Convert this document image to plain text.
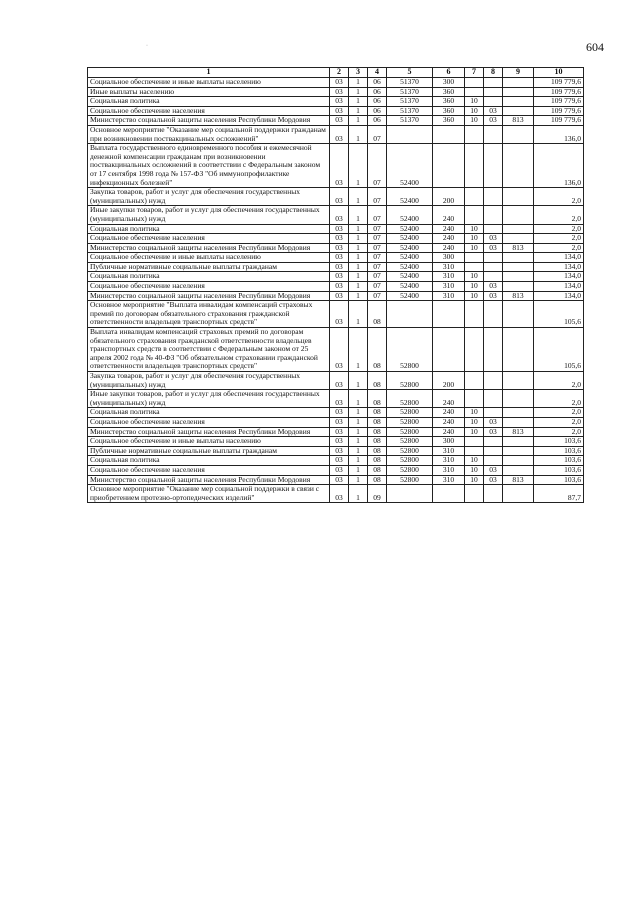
604
·
1	2	3	4	5	6	7	8	9	10
Социальное обеспечение и иные выплаты населению	03	1	06	51370	300				109 779,6
Иные выплаты населению	03	1	06	51370	360				109 779,6
Социальная политика	03	1	06	51370	360	10			109 779,6
Социальное обеспечение населения	03	1	06	51370	360	10	03		109 779,6
Министерство социальной защиты населения Республики Мордовия	03	1	06	51370	360	10	03	813	109 779,6
Основное мероприятие "Оказание мер социальной поддержки гражданам при возникновении поствакцинальных осложнений"	03	1	07						136,0
Выплата государственного единовременного пособия и ежемесячной денежной компенсации гражданам при возникновении поствакцинальных осложнений в соответствии с Федеральным законом от 17 сентября 1998 года № 157-ФЗ "Об иммунопрофилактике инфекционных болезней"	03	1	07	52400					136,0
Закупка товаров, работ и услуг для обеспечения государственных (муниципальных) нужд	03	1	07	52400	200				2,0
Иные закупки товаров, работ и услуг для обеспечения государственных (муниципальных) нужд	03	1	07	52400	240				2,0
Социальная политика	03	1	07	52400	240	10			2,0
Социальное обеспечение населения	03	1	07	52400	240	10	03		2,0
Министерство социальной защиты населения Республики Мордовия	03	1	07	52400	240	10	03	813	2,0
Социальное обеспечение и иные выплаты населению	03	1	07	52400	300				134,0
Публичные нормативные социальные выплаты гражданам	03	1	07	52400	310				134,0
Социальная политика	03	1	07	52400	310	10			134,0
Социальное обеспечение населения	03	1	07	52400	310	10	03		134,0
Министерство социальной защиты населения Республики Мордовия	03	1	07	52400	310	10	03	813	134,0
Основное мероприятие "Выплата инвалидам компенсаций страховых премий по договорам обязательного страхования гражданской ответственности владельцев транспортных средств"	03	1	08						105,6
Выплата инвалидам компенсаций страховых премий по договорам обязательного страхования гражданской ответственности владельцев транспортных средств в соответствии с Федеральным законом от 25 апреля 2002 года № 40-ФЗ "Об обязательном страховании гражданской ответственности владельцев транспортных средств"	03	1	08	52800					105,6
Закупка товаров, работ и услуг для обеспечения государственных (муниципальных) нужд	03	1	08	52800	200				2,0
Иные закупки товаров, работ и услуг для обеспечения государственных (муниципальных) нужд	03	1	08	52800	240				2,0
Социальная политика	03	1	08	52800	240	10			2,0
Социальное обеспечение населения	03	1	08	52800	240	10	03		2,0
Министерство социальной защиты населения Республики Мордовия	03	1	08	52800	240	10	03	813	2,0
Социальное обеспечение и иные выплаты населению	03	1	08	52800	300				103,6
Публичные нормативные социальные выплаты гражданам	03	1	08	52800	310				103,6
Социальная политика	03	1	08	52800	310	10			103,6
Социальное обеспечение населения	03	1	08	52800	310	10	03		103,6
Министерство социальной защиты населения Республики Мордовия	03	1	08	52800	310	10	03	813	103,6
Основное мероприятие "Оказание мер социальной поддержки в связи с приобретением протезно-ортопедических изделий"	03	1	09						87,7
